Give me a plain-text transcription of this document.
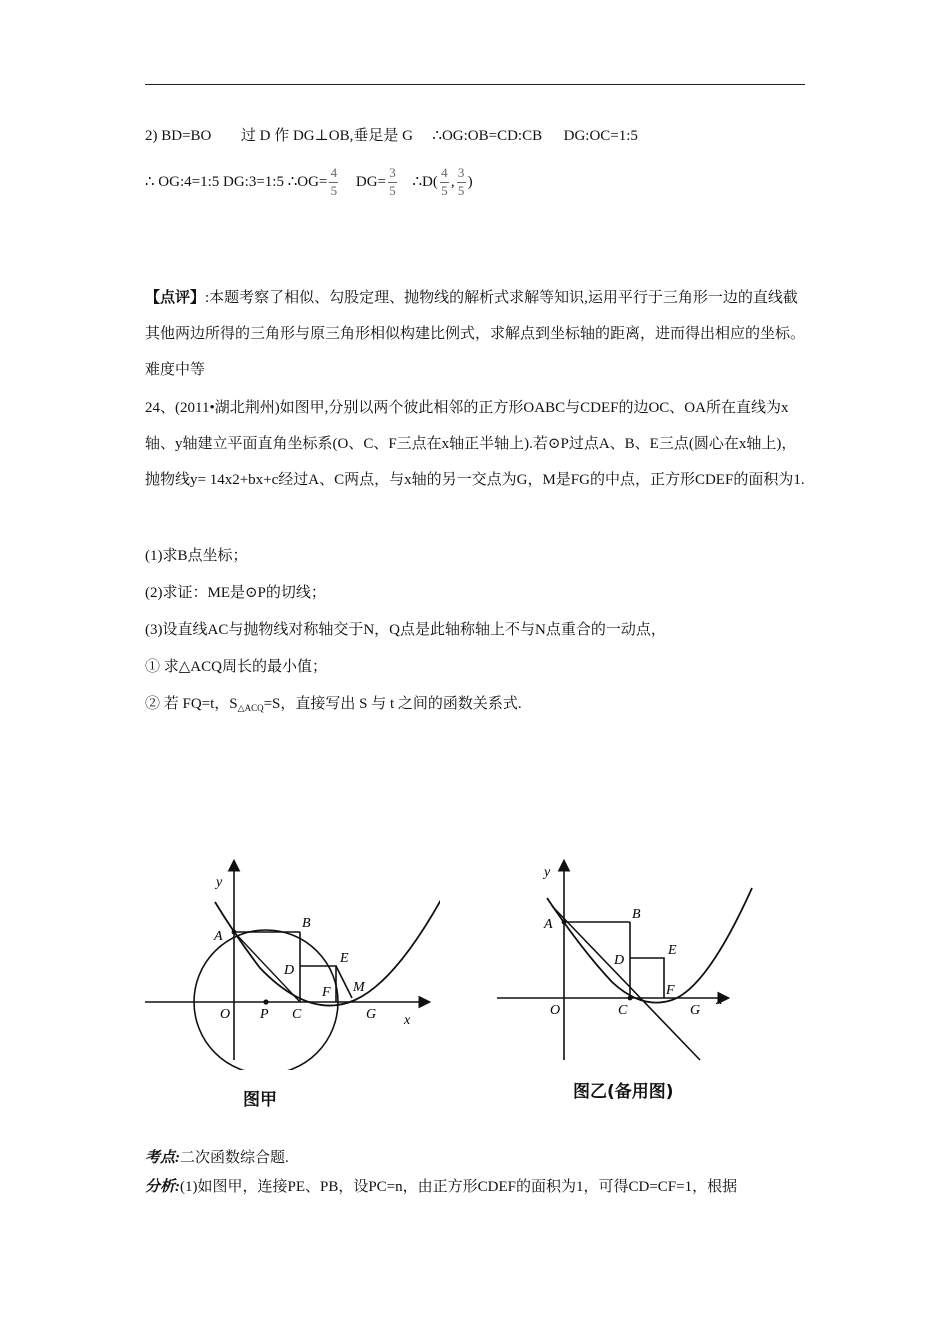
2) BD=BO 过 D 作 DG⊥OB,垂足是 G ∴OG:OB=CD:CB DG:OC=1:5
∴ OG:4=1:5 DG:3=1:5 ∴OG= $\frac{4}{5} DG= \frac{3}{5}$ ∴D( $\frac{4}{5}$ , $\frac{3}{5}$ )
【点评】:本题考察了相似、勾股定理、抛物线的解析式求解等知识,运用平行于三角形一边的直线截其他两边所得的三角形与原三角形相似构建比例式，求解点到坐标轴的距离，进而得出相应的坐标。难度中等
24、(2011•湖北荆州)如图甲,分别以两个彼此相邻的正方形OABC与CDEF的边OC、OA所在直线为x轴、y轴建立平面直角坐标系(O、C、F三点在x轴正半轴上).若⊙P过点A、B、E三点(圆心在x轴上)，抛物线y= 14x2+bx+c经过A、C两点，与x轴的另一交点为G，M是FG的中点，正方形CDEF的面积为1.
(1)求B点坐标；
(2)求证：ME是⊙P的切线；
(3)设直线AC与抛物线对称轴交于N，Q点是此轴称轴上不与N点重合的一动点，
① 求△ACQ周长的最小值；
② 若 FQ=t，$S_{\triangle ACQ}=S$，直接写出 S 与 t 之间的函数关系式.
y
x
O P C	G
A
B
D
E
F M
图甲
y
x
O	C	G
A
B
D
E
F
图乙(备用图)
考点:二次函数综合题.
分析:(1)如图甲，连接PE、PB，设PC=n，由正方形CDEF的面积为1，可得CD=CF=1，根据
